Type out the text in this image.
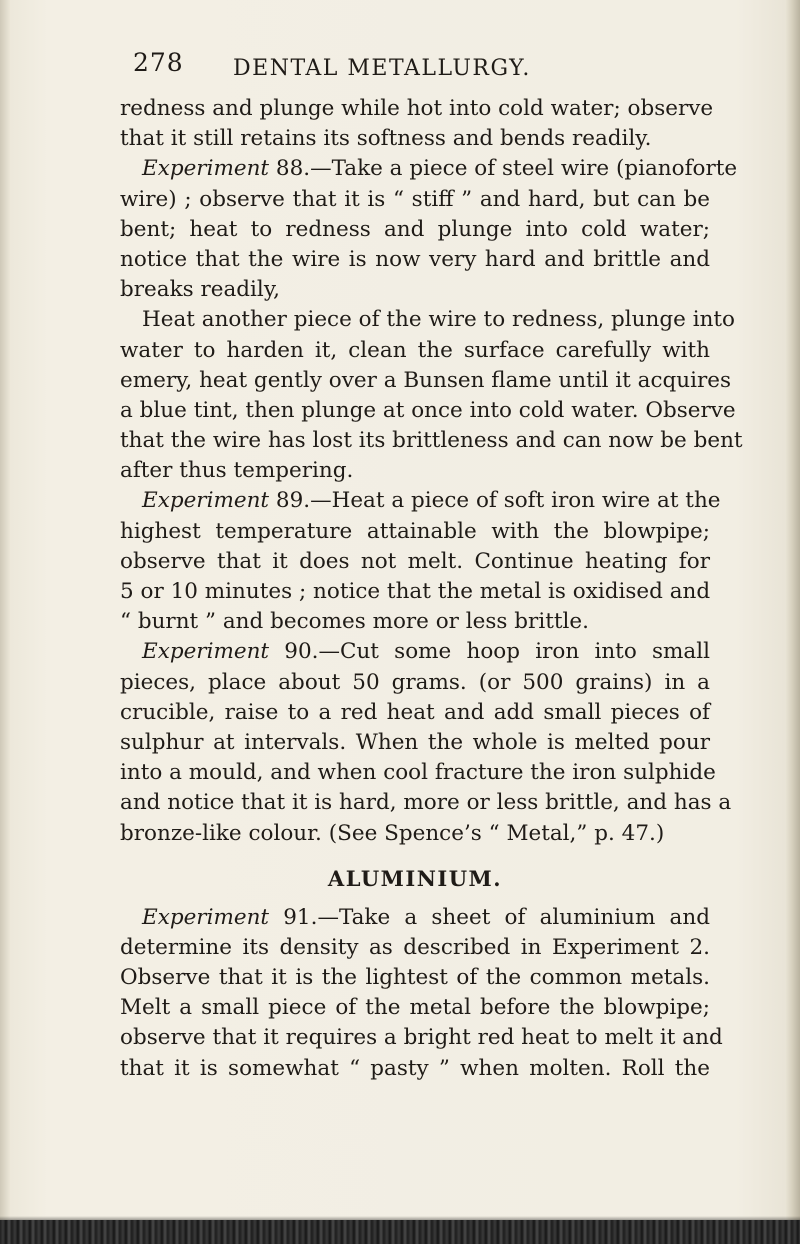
278 DENTAL METALLURGY.
redness and plunge while hot into cold water; observe
that it still retains its softness and bends readily.
Experiment 88.—Take a piece of steel wire (pianoforte
wire) ; observe that it is “ stiff ” and hard, but can be
bent; heat to redness and plunge into cold water;
notice that the wire is now very hard and brittle and
breaks readily,
Heat another piece of the wire to redness, plunge into
water to harden it, clean the surface carefully with
emery, heat gently over a Bunsen flame until it acquires
a blue tint, then plunge at once into cold water. Observe
that the wire has lost its brittleness and can now be bent
after thus tempering.
Experiment 89.—Heat a piece of soft iron wire at the
highest temperature attainable with the blowpipe;
observe that it does not melt. Continue heating for
5 or 10 minutes ; notice that the metal is oxidised and
“ burnt ” and becomes more or less brittle.
Experiment 90.—Cut some hoop iron into small
pieces, place about 50 grams. (or 500 grains) in a
crucible, raise to a red heat and add small pieces of
sulphur at intervals. When the whole is melted pour
into a mould, and when cool fracture the iron sulphide
and notice that it is hard, more or less brittle, and has a
bronze-like colour. (See Spence’s “ Metal,” p. 47.)
ALUMINIUM.
Experiment 91.—Take a sheet of aluminium and
determine its density as described in Experiment 2.
Observe that it is the lightest of the common metals.
Melt a small piece of the metal before the blowpipe;
observe that it requires a bright red heat to melt it and
that it is somewhat “ pasty ” when molten. Roll the
